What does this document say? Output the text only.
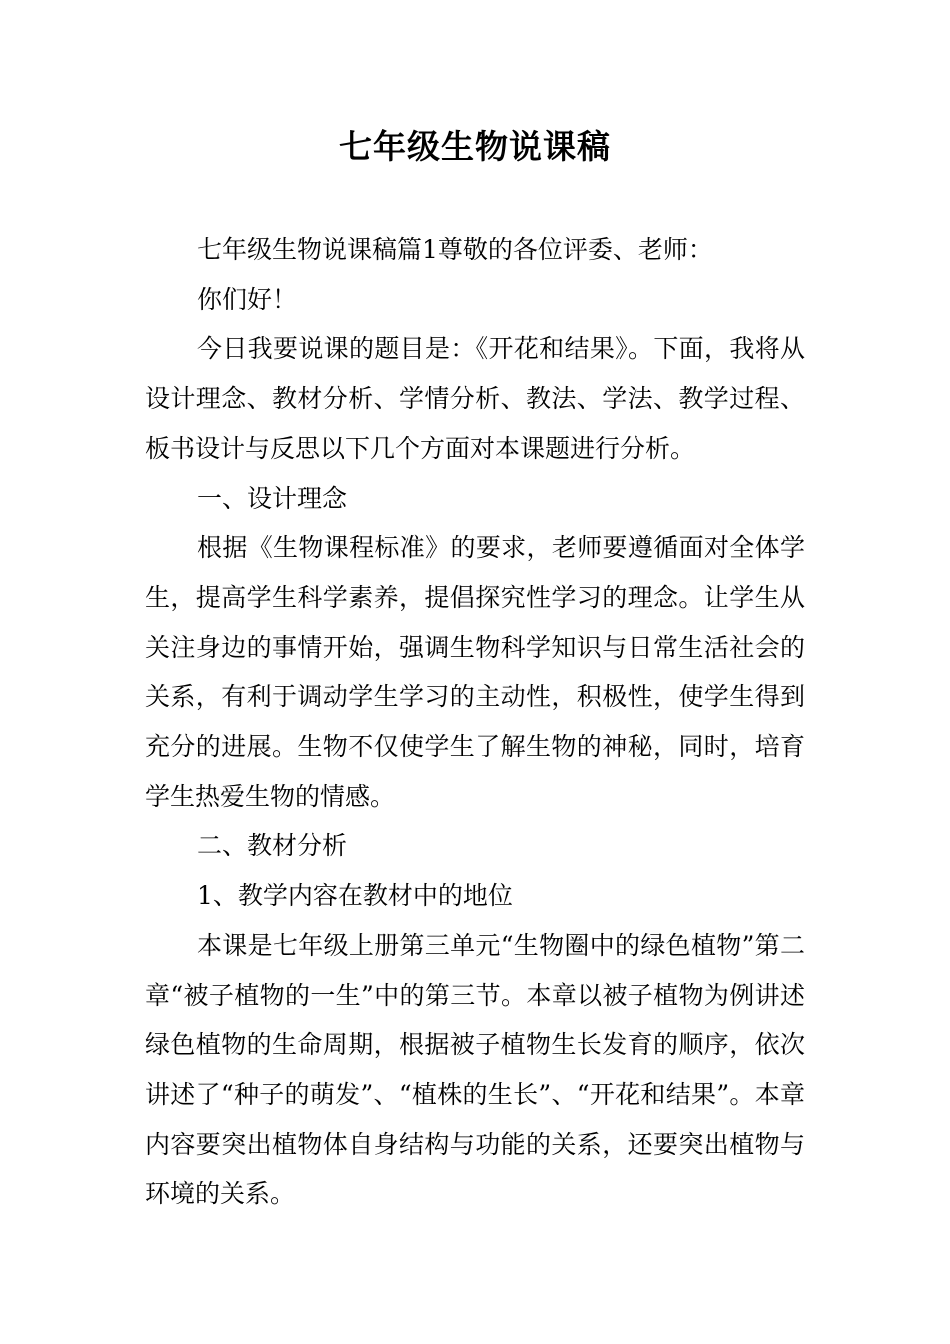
七年级生物说课稿

七年级生物说课稿篇1尊敬的各位评委、老师：

你们好！

今日我要说课的题目是：《开花和结果》。下面，我将从设计理念、教材分析、学情分析、教法、学法、教学过程、板书设计与反思以下几个方面对本课题进行分析。

一、设计理念

根据《生物课程标准》的要求，老师要遵循面对全体学生，提高学生科学素养，提倡探究性学习的理念。让学生从关注身边的事情开始，强调生物科学知识与日常生活社会的关系，有利于调动学生学习的主动性，积极性，使学生得到充分的进展。生物不仅使学生了解生物的神秘，同时，培育学生热爱生物的情感。

二、教材分析

1、教学内容在教材中的地位

本课是七年级上册第三单元“生物圈中的绿色植物”第二章“被子植物的一生”中的第三节。本章以被子植物为例讲述绿色植物的生命周期，根据被子植物生长发育的顺序，依次讲述了“种子的萌发”、“植株的生长”、“开花和结果”。本章内容要突出植物体自身结构与功能的关系，还要突出植物与环境的关系。
